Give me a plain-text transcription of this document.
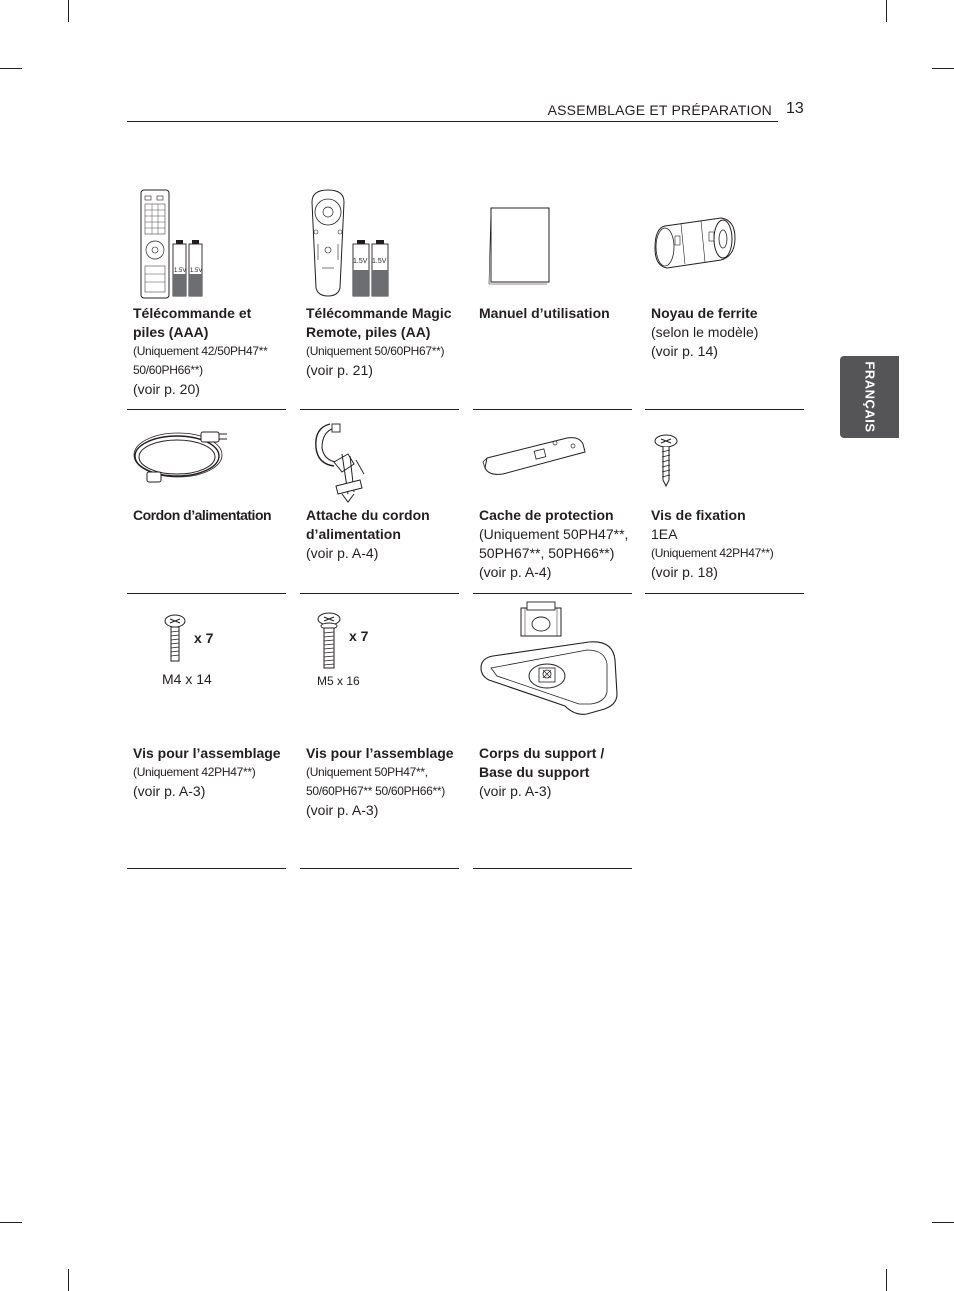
ASSEMBLAGE ET PRÉPARATION 13
FRANÇAIS
Télécommande et piles (AAA)
(Uniquement 42/50PH47** 50/60PH66**)
(voir p. 20)
Télécommande Magic Remote, piles (AA)
(Uniquement 50/60PH67**)
(voir p. 21)
Manuel d’utilisation	Noyau de ferrite
(selon le modèle)
(voir p. 14)
Cordon d’alimentation	Attache du cordon d’alimentation
(voir p. A-4)
Cache de protection
(Uniquement 50PH47**, 50PH67**, 50PH66**)
(voir p. A-4)
Vis de fixation
1EA
(Uniquement 42PH47**)
(voir p. 18)
x 7
M4 x 14
Vis pour l’assemblage
(Uniquement 42PH47**)
(voir p. A-3)
x 7
M5 x 16
Vis pour l’assemblage
(Uniquement 50PH47**, 50/60PH67** 50/60PH66**)
(voir p. A-3)
Corps du support / Base du support
(voir p. A-3)
1.5V 1.5V
1.5V 1.5V
